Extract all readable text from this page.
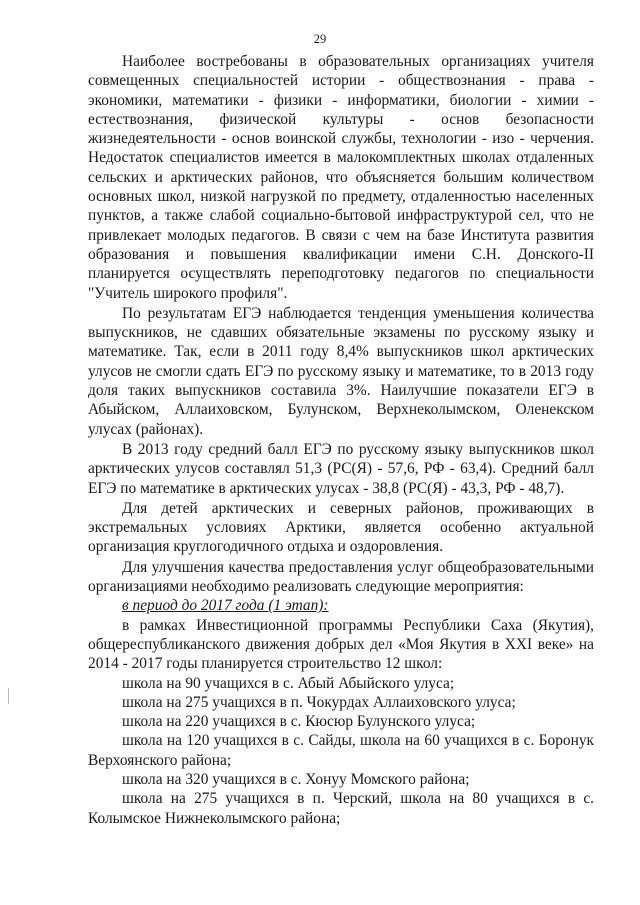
29

Наиболее востребованы в образовательных организациях учителя совмещенных специальностей истории - обществознания - права - экономики, математики - физики - информатики, биологии - химии - естествознания, физической культуры - основ безопасности жизнедеятельности - основ воинской службы, технологии - изо - черчения. Недостаток специалистов имеется в малокомплектных школах отдаленных сельских и арктических районов, что объясняется большим количеством основных школ, низкой нагрузкой по предмету, отдаленностью населенных пунктов, а также слабой социально-бытовой инфраструктурой сел, что не привлекает молодых педагогов. В связи с чем на базе Института развития образования и повышения квалификации имени С.Н. Донского-II планируется осуществлять переподготовку педагогов по специальности "Учитель широкого профиля".

По результатам ЕГЭ наблюдается тенденция уменьшения количества выпускников, не сдавших обязательные экзамены по русскому языку и математике. Так, если в 2011 году 8,4% выпускников школ арктических улусов не смогли сдать ЕГЭ по русскому языку и математике, то в 2013 году доля таких выпускников составила 3%. Наилучшие показатели ЕГЭ в Абыйском, Аллаиховском, Булунском, Верхнеколымском, Оленекском улусах (районах).

В 2013 году средний балл ЕГЭ по русскому языку выпускников школ арктических улусов составлял 51,3 (РС(Я) - 57,6, РФ - 63,4). Средний балл ЕГЭ по математике в арктических улусах - 38,8 (РС(Я) - 43,3, РФ - 48,7).

Для детей арктических и северных районов, проживающих в экстремальных условиях Арктики, является особенно актуальной организация круглогодичного отдыха и оздоровления.

Для улучшения качества предоставления услуг общеобразовательными организациями необходимо реализовать следующие мероприятия:

в период до 2017 года (1 этап):

в рамках Инвестиционной программы Республики Саха (Якутия), общереспубликанского движения добрых дел «Моя Якутия в XXI веке» на 2014 - 2017 годы планируется строительство 12 школ:

школа на 90 учащихся в с. Абый Абыйского улуса;

школа на 275 учащихся в п. Чокурдах Аллаиховского улуса;

школа на 220 учащихся в с. Кюсюр Булунского улуса;

школа на 120 учащихся в с. Сайды, школа на 60 учащихся в с. Боронук Верхоянского района;

школа на 320 учащихся в с. Хонуу Момского района;

школа на 275 учащихся в п. Черский, школа на 80 учащихся в с. Колымское Нижнеколымского района;
